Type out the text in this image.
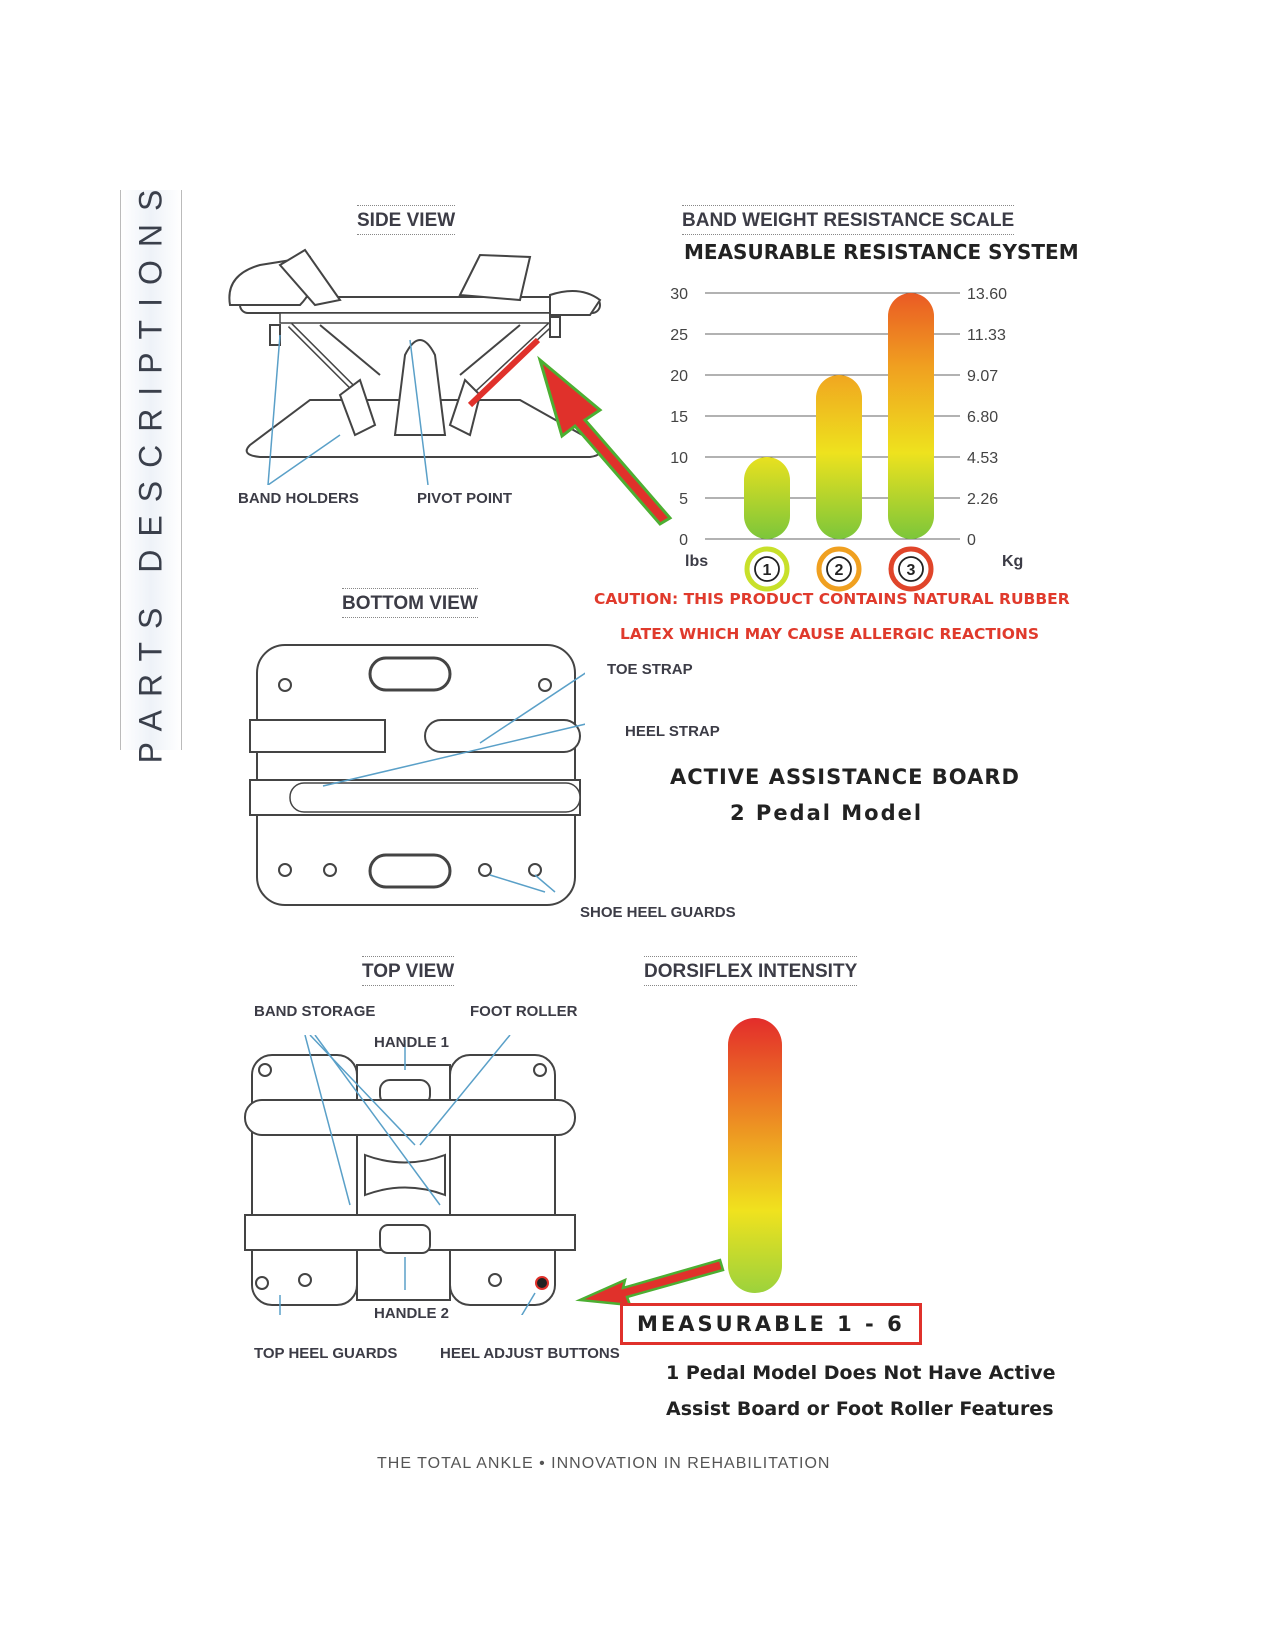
PARTS DESCRIPTIONS	SIDE VIEW
BAND HOLDERS	PIVOT POINT
BAND WEIGHT RESISTANCE SCALE
MEASURABLE RESISTANCE SYSTEM
0
5
10
15
20
25
30
0
2.26
4.53
6.80
9.07
11.33
13.60
1	2	3
lbs	Kg
CAUTION: THIS PRODUCT CONTAINS NATURAL RUBBER
LATEX WHICH MAY CAUSE ALLERGIC REACTIONS
BOTTOM VIEW
TOE STRAP
HEEL STRAP
SHOE HEEL GUARDS
ACTIVE ASSISTANCE BOARD
2 Pedal Model
TOP VIEW
BAND STORAGE	FOOT ROLLER
HANDLE 1
HANDLE 2
TOP HEEL GUARDS	HEEL ADJUST BUTTONS
DORSIFLEX INTENSITY
MEASURABLE 1 - 6
1 Pedal Model Does Not Have Active
Assist Board or Foot Roller Features
THE TOTAL ANKLE • INNOVATION IN REHABILITATION
